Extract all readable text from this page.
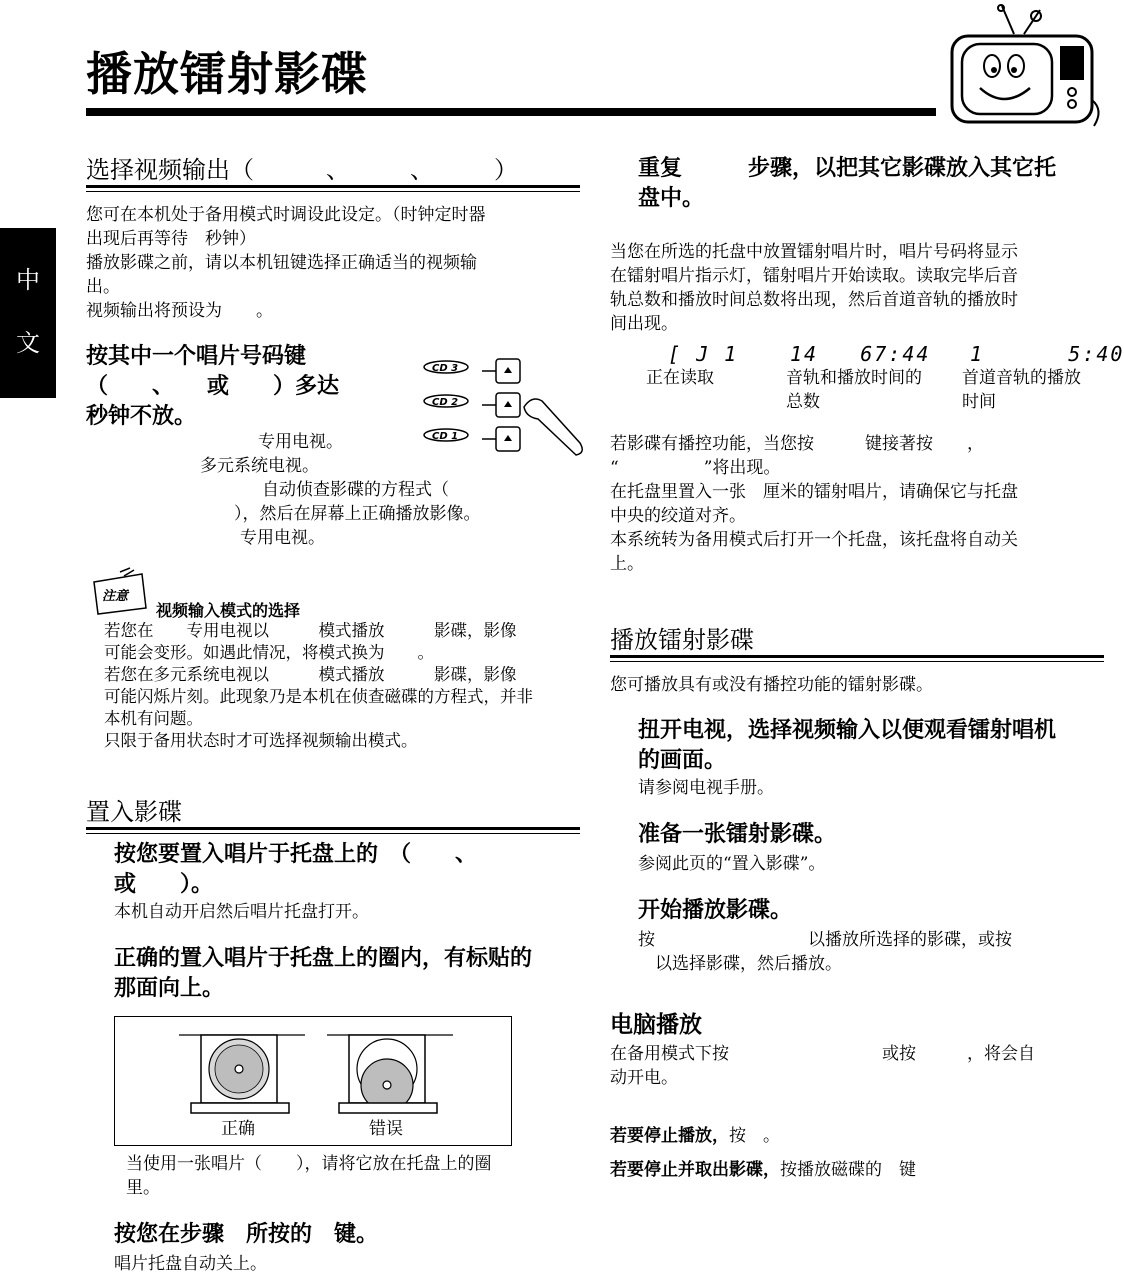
播放镭射影碟
中
文
选择视频输出（　　　、　　　、　　　）
您可在本机处于备用模式时调设此设定。（时钟定时器
出现后再等待　秒钟）
播放影碟之前，请以本机钮键选择正确适当的视频输
出。
视频输出将预设为　　。
按其中一个唱片号码键
（　　、　　或　　）多达
秒钟不放。
CD 3
CD 2
CD 1
专用电视。
多元系统电视。
自动侦查影碟的方程式（
），然后在屏幕上正确播放影像。
专用电视。
注意
视频输入模式的选择
若您在　　专用电视以　　　模式播放　　　影碟，影像
可能会变形。如遇此情况，将模式换为　　。
若您在多元系统电视以　　　模式播放　　　影碟，影像
可能闪烁片刻。此现象乃是本机在侦查磁碟的方程式，并非
本机有问题。
只限于备用状态时才可选择视频输出模式。
置入影碟
按您要置入唱片于托盘上的　（　　、
或　　）。
本机自动开启然后唱片托盘打开。
正确的置入唱片于托盘上的圈内，有标贴的
那面向上。
正确	错误
当使用一张唱片（　　），请将它放在托盘上的圈
里。
按您在步骤　所按的　键。
唱片托盘自动关上。
重复　　　步骤，以把其它影碟放入其它托
盘中。
当您在所选的托盘中放置镭射唱片时，唱片号码将显示
在镭射唱片指示灯，镭射唱片开始读取。读取完毕后音
轨总数和播放时间总数将出现，然后首道音轨的播放时
间出现。
[ J 1	14   67:44 1      5:40
正在读取	音轨和播放时间的
总数
首道音轨的播放
时间
若影碟有播控功能，当您按　　　键接著按　　，
“　　　　　”将出现。
在托盘里置入一张　厘米的镭射唱片，请确保它与托盘
中央的绞道对齐。
本系统转为备用模式后打开一个托盘，该托盘将自动关
上。
播放镭射影碟
您可播放具有或没有播控功能的镭射影碟。
扭开电视，选择视频输入以便观看镭射唱机
的画面。
请参阅电视手册。
准备一张镭射影碟。
参阅此页的“置入影碟”。
开始播放影碟。
按　　　　　　　　　以播放所选择的影碟，或按
　以选择影碟，然后播放。
电脑播放
在备用模式下按　　　　　　　　　或按　　　，将会自
动开电。
若要停止播放，按　。
若要停止并取出影碟，按播放磁碟的　键
